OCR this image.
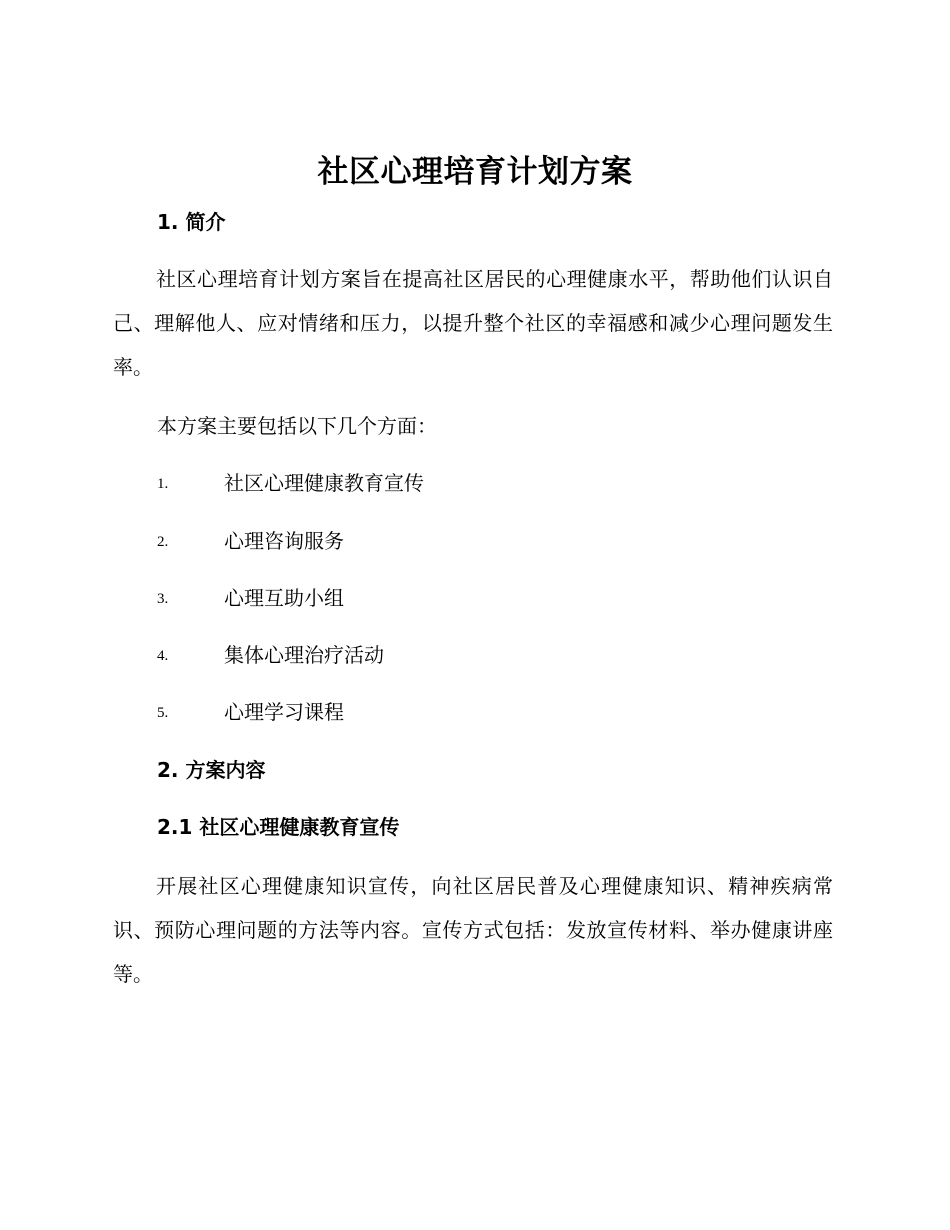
社区心理培育计划方案
1. 简介

社区心理培育计划方案旨在提高社区居民的心理健康水平，帮助他们认识自己、理解他人、应对情绪和压力，以提升整个社区的幸福感和减少心理问题发生率。

本方案主要包括以下几个方面：
1.	社区心理健康教育宣传
2.	心理咨询服务
3.	心理互助小组
4.	集体心理治疗活动
5.	心理学习课程
2. 方案内容
2.1 社区心理健康教育宣传

开展社区心理健康知识宣传，向社区居民普及心理健康知识、精神疾病常识、预防心理问题的方法等内容。宣传方式包括：发放宣传材料、举办健康讲座等。
